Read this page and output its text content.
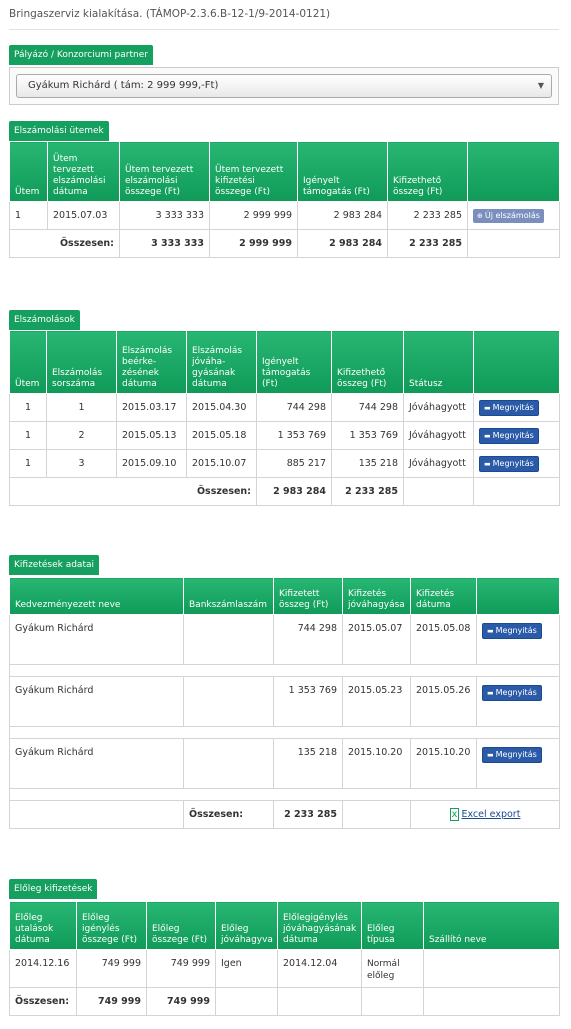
Bringaszerviz kialakítása. (TÁMOP-2.3.6.B-12-1/9-2014-0121)
Pályázó / Konzorciumi partner
Gyákum Richárd ( tám: 2 999 999,-Ft)	▼
Elszámolási ütemek
Ütem	Ütem tervezett elszámolási dátuma	Ütem tervezett elszámolási összege (Ft)	Ütem tervezett kifizetési összege (Ft)	Igényelt támogatás (Ft)	Kifizethető összeg (Ft)	
1	2015.07.03	3 333 333	2 999 999	2 983 284	2 233 285	⊕ Új elszámolás
Összesen:		3 333 333	2 999 999	2 983 284	2 233 285	
Elszámolások
Ütem	Elszámolás sorszáma	Elszámolás beérke-zésének dátuma	Elszámolás jóváha-gyásának dátuma	Igényelt támogatás (Ft)	Kifizethető összeg (Ft)	Státusz	
1	1	2015.03.17	2015.04.30	744 298	744 298	Jóváhagyott	▬ Megnyitás
1	2	2015.05.13	2015.05.18	1 353 769	1 353 769	Jóváhagyott	▬ Megnyitás
1	3	2015.09.10	2015.10.07	885 217	135 218	Jóváhagyott	▬ Megnyitás
Összesen:				2 983 284	2 233 285		
Kifizetések adatai
Kedvezményezett neve	Bankszámlaszám	Kifizetett összeg (Ft)	Kifizetés jóváhagyása	Kifizetés dátuma	
Gyákum Richárd		744 298	2015.05.07	2015.05.08	▬ Megnyitás

Gyákum Richárd		1 353 769	2015.05.23	2015.05.26	▬ Megnyitás

Gyákum Richárd		135 218	2015.10.20	2015.10.20	▬ Megnyitás

	Összesen:	2 233 285		x Excel export	
Előleg kifizetések
Előleg utalások dátuma	Előleg igénylés összege (Ft)	Előleg összege (Ft)	Előleg jóváhagyva	Előlegigénylés jóváhagyásának dátuma	Előleg típusa	Szállító neve
2014.12.16	749 999	749 999	Igen	2014.12.04	Normál előleg	
Összesen:	749 999	749 999				
